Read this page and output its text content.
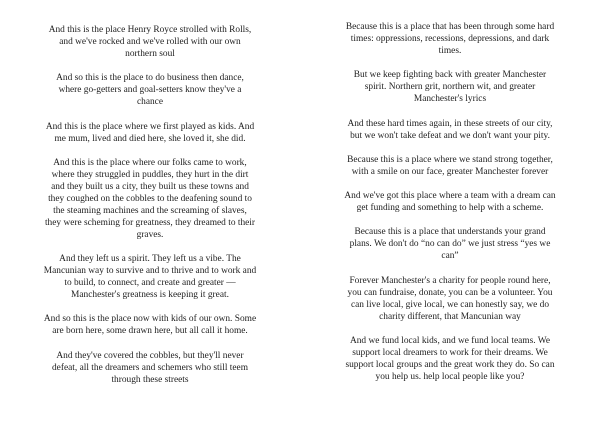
And this is the place Henry Royce strolled with Rolls,
and we've rocked and we've rolled with our own
northern soul

And so this is the place to do business then dance,
where go-getters and goal-setters know they've a
chance

And this is the place where we first played as kids. And
me mum, lived and died here, she loved it, she did.

And this is the place where our folks came to work,
where they struggled in puddles, they hurt in the dirt
and they built us a city, they built us these towns and
they coughed on the cobbles to the deafening sound to
the steaming machines and the screaming of slaves,
they were scheming for greatness, they dreamed to their
graves.

And they left us a spirit. They left us a vibe. The
Mancunian way to survive and to thrive and to work and
to build, to connect, and create and greater —
Manchester's greatness is keeping it great.

And so this is the place now with kids of our own. Some
are born here, some drawn here, but all call it home.

And they've covered the cobbles, but they'll never
defeat, all the dreamers and schemers who still teem
through these streets

Because this is a place that has been through some hard
times: oppressions, recessions, depressions, and dark
times.

But we keep fighting back with greater Manchester
spirit. Northern grit, northern wit, and greater
Manchester's lyrics

And these hard times again, in these streets of our city,
but we won't take defeat and we don't want your pity.

Because this is a place where we stand strong together,
with a smile on our face, greater Manchester forever

And we've got this place where a team with a dream can
get funding and something to help with a scheme.

Because this is a place that understands your grand
plans. We don't do “no can do” we just stress “yes we
can”

Forever Manchester's a charity for people round here,
you can fundraise, donate, you can be a volunteer. You
can live local, give local, we can honestly say, we do
charity different, that Mancunian way

And we fund local kids, and we fund local teams. We
support local dreamers to work for their dreams. We
support local groups and the great work they do. So can
you help us. help local people like you?
